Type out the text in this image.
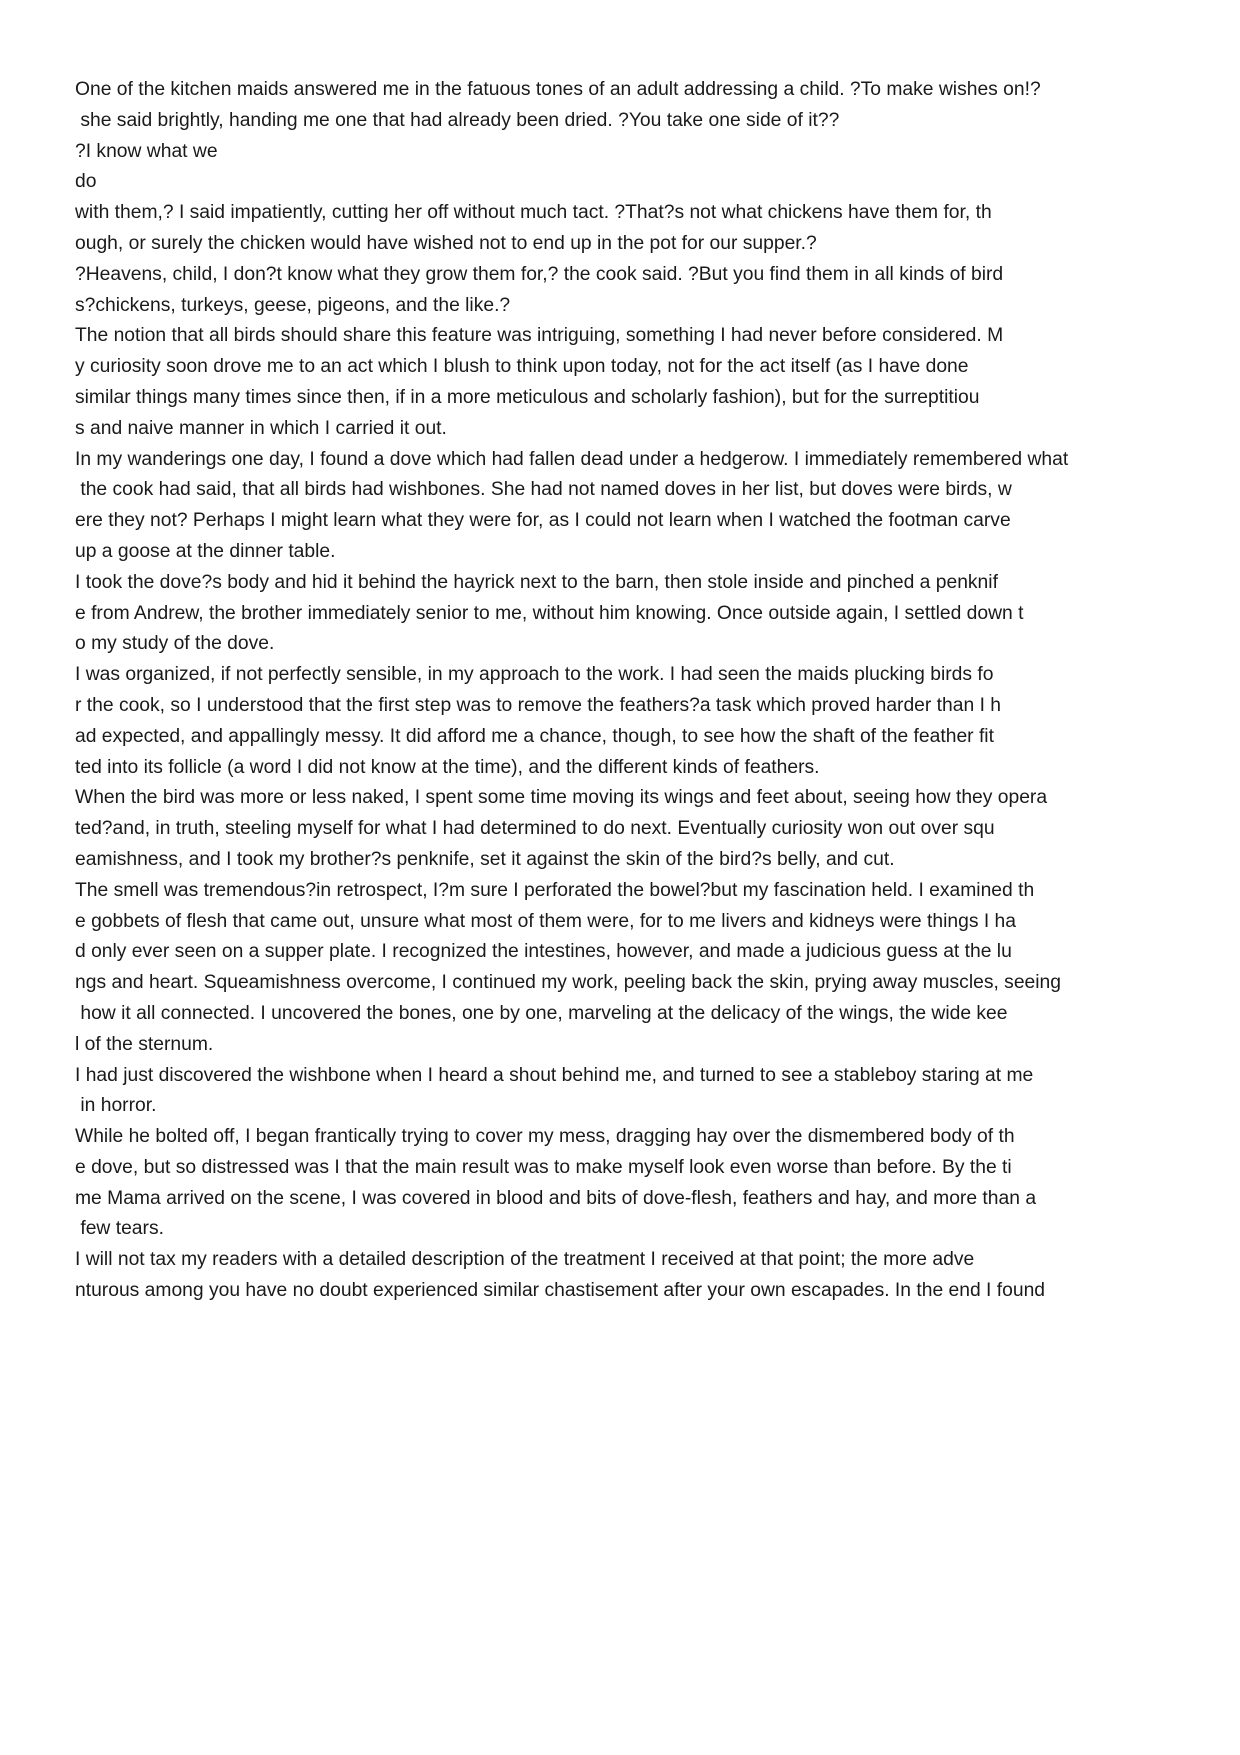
One of the kitchen maids answered me in the fatuous tones of an adult addressing a child. ?To make wishes on!?
she said brightly, handing me one that had already been dried. ?You take one side of it??
?I know what we
do
with them,? I said impatiently, cutting her off without much tact. ?That?s not what chickens have them for, th
ough, or surely the chicken would have wished not to end up in the pot for our supper.?
?Heavens, child, I don?t know what they grow them for,? the cook said. ?But you find them in all kinds of bird
s?chickens, turkeys, geese, pigeons, and the like.?
The notion that all birds should share this feature was intriguing, something I had never before considered. M
y curiosity soon drove me to an act which I blush to think upon today, not for the act itself (as I have done
similar things many times since then, if in a more meticulous and scholarly fashion), but for the surreptitiou
s and naive manner in which I carried it out.
In my wanderings one day, I found a dove which had fallen dead under a hedgerow. I immediately remembered what
the cook had said, that all birds had wishbones. She had not named doves in her list, but doves were birds, w
ere they not? Perhaps I might learn what they were for, as I could not learn when I watched the footman carve
up a goose at the dinner table.
I took the dove?s body and hid it behind the hayrick next to the barn, then stole inside and pinched a penknif
e from Andrew, the brother immediately senior to me, without him knowing. Once outside again, I settled down t
o my study of the dove.
I was organized, if not perfectly sensible, in my approach to the work. I had seen the maids plucking birds fo
r the cook, so I understood that the first step was to remove the feathers?a task which proved harder than I h
ad expected, and appallingly messy. It did afford me a chance, though, to see how the shaft of the feather fit
ted into its follicle (a word I did not know at the time), and the different kinds of feathers.
When the bird was more or less naked, I spent some time moving its wings and feet about, seeing how they opera
ted?and, in truth, steeling myself for what I had determined to do next. Eventually curiosity won out over squ
eamishness, and I took my brother?s penknife, set it against the skin of the bird?s belly, and cut.
The smell was tremendous?in retrospect, I?m sure I perforated the bowel?but my fascination held. I examined th
e gobbets of flesh that came out, unsure what most of them were, for to me livers and kidneys were things I ha
d only ever seen on a supper plate. I recognized the intestines, however, and made a judicious guess at the lu
ngs and heart. Squeamishness overcome, I continued my work, peeling back the skin, prying away muscles, seeing
how it all connected. I uncovered the bones, one by one, marveling at the delicacy of the wings, the wide kee
l of the sternum.
I had just discovered the wishbone when I heard a shout behind me, and turned to see a stableboy staring at me
in horror.
While he bolted off, I began frantically trying to cover my mess, dragging hay over the dismembered body of th
e dove, but so distressed was I that the main result was to make myself look even worse than before. By the ti
me Mama arrived on the scene, I was covered in blood and bits of dove-flesh, feathers and hay, and more than a
few tears.
I will not tax my readers with a detailed description of the treatment I received at that point; the more adve
nturous among you have no doubt experienced similar chastisement after your own escapades. In the end I found
